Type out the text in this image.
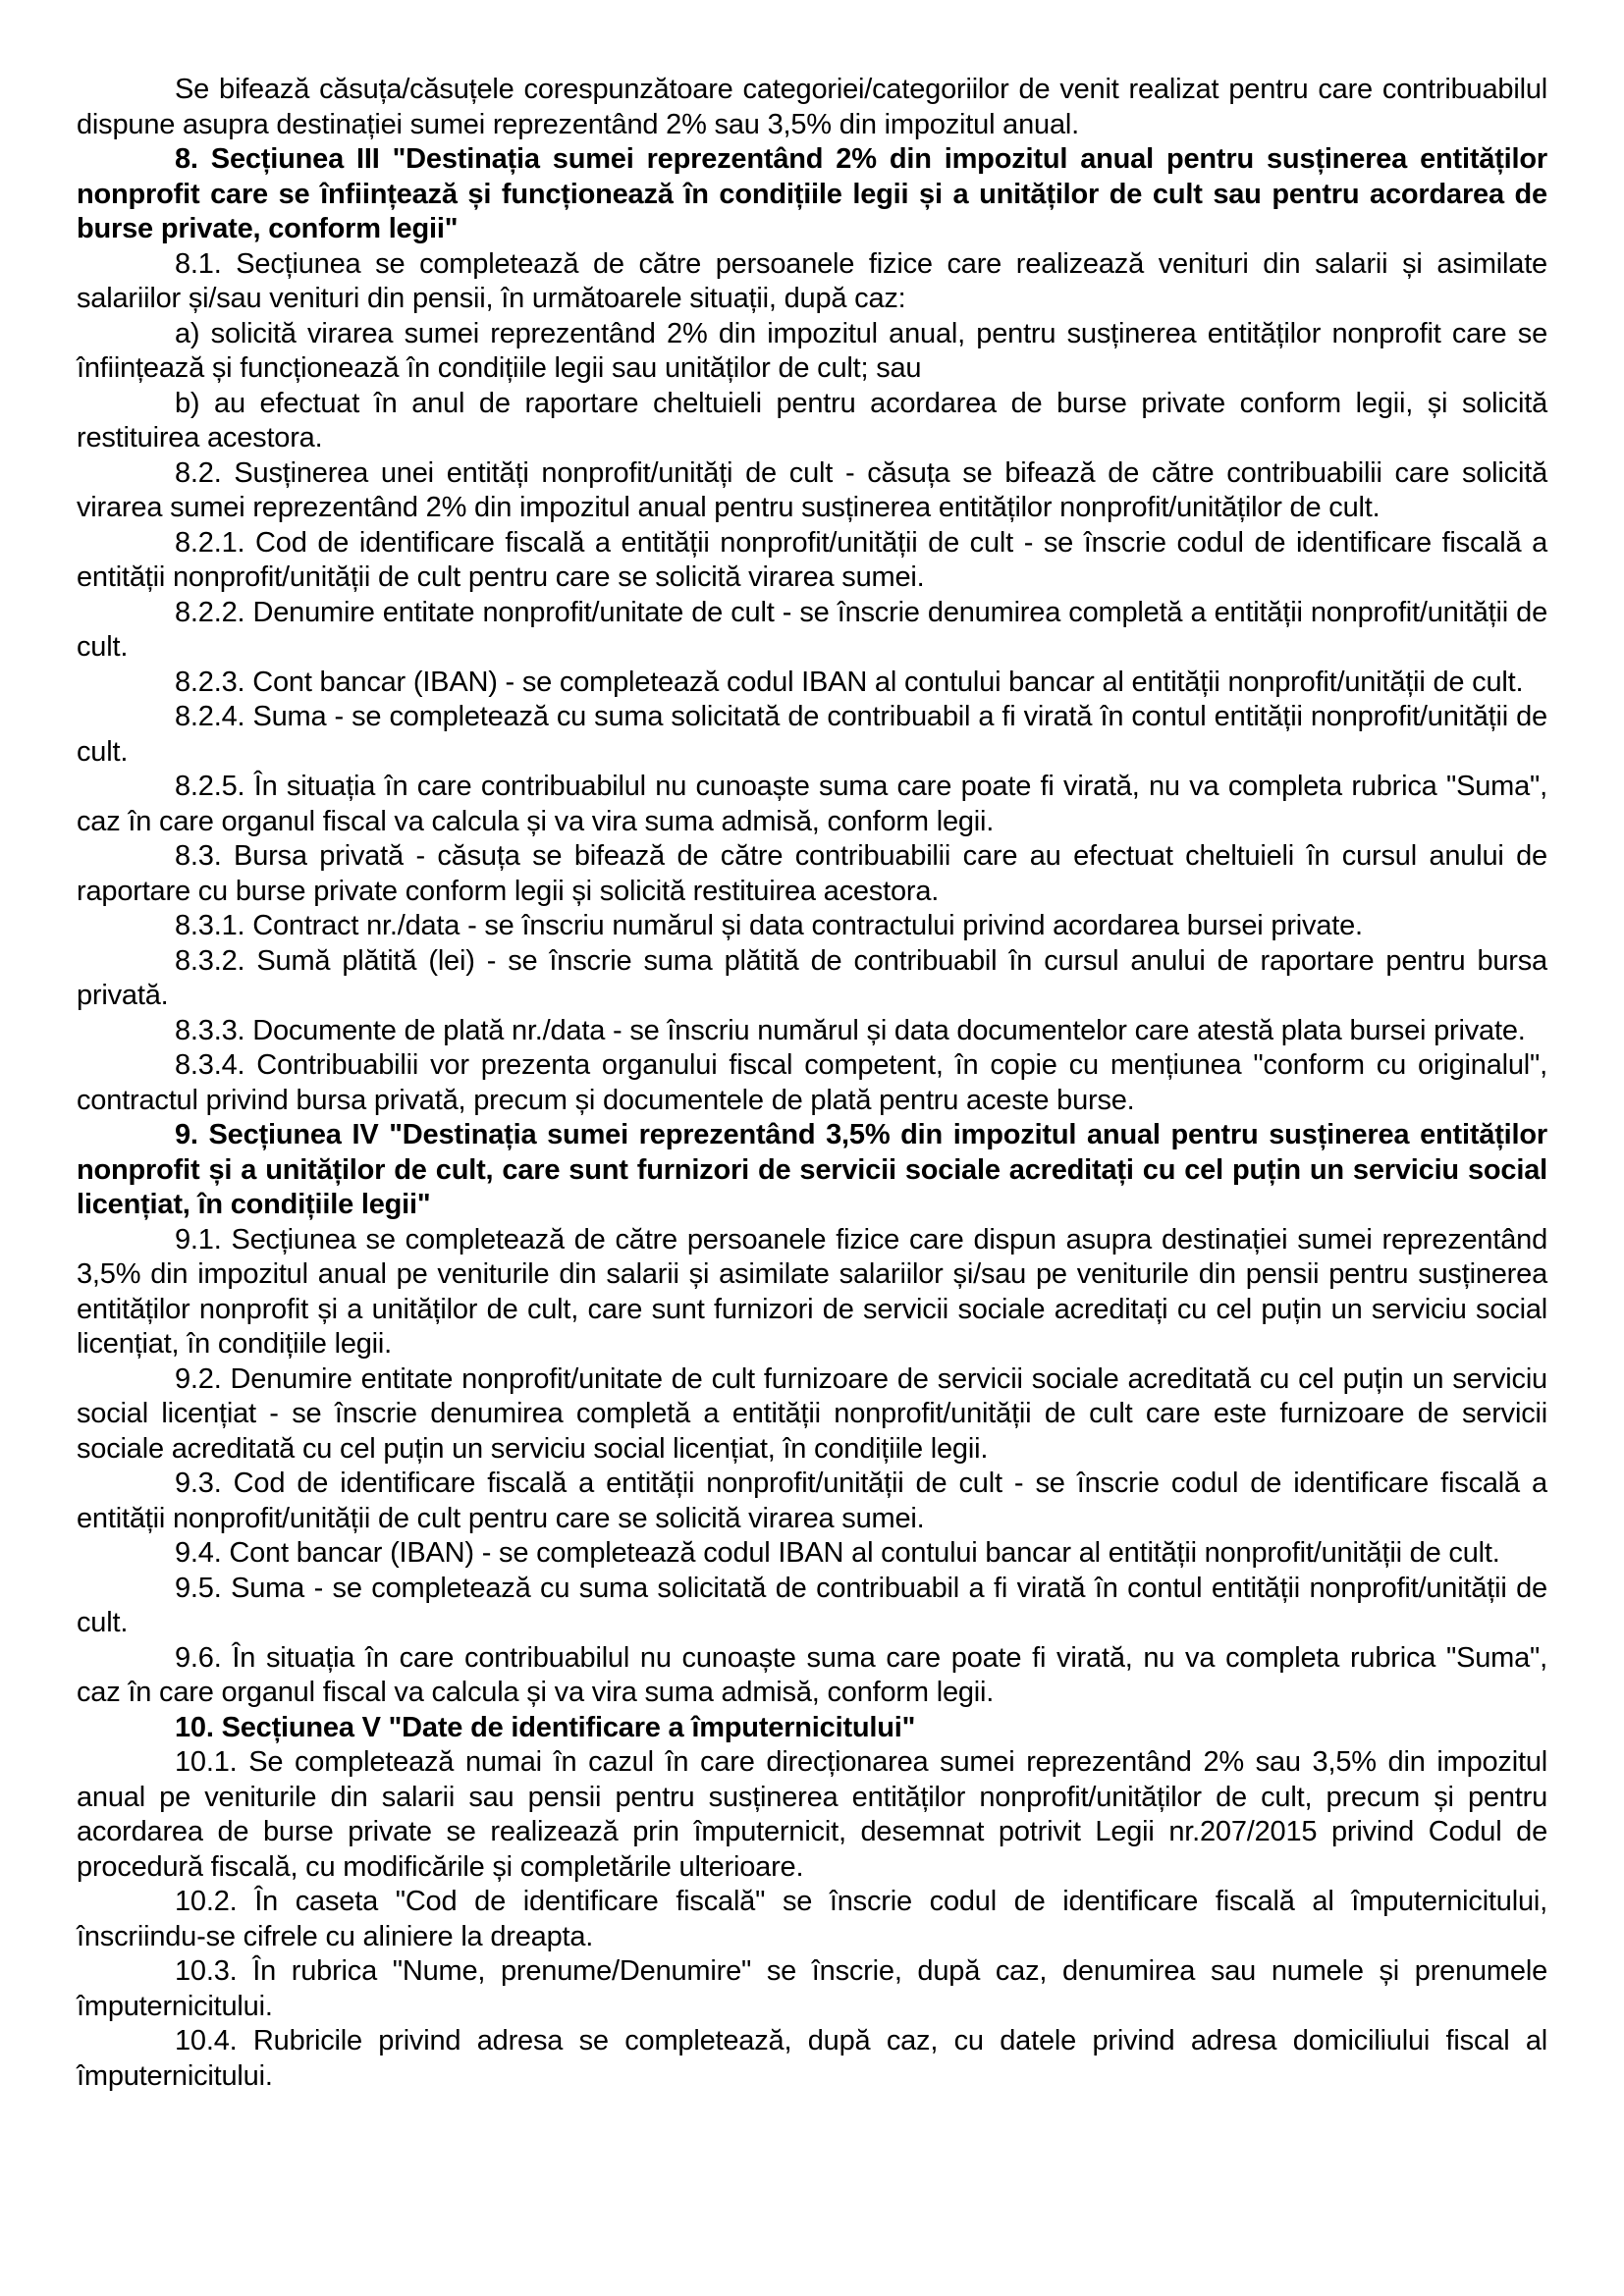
Se bifează căsuța/căsuțele corespunzătoare categoriei/categoriilor de venit realizat pentru care contribuabilul dispune asupra destinației sumei reprezentând 2% sau 3,5% din impozitul anual.

8. Secțiunea III "Destinația sumei reprezentând 2% din impozitul anual pentru susținerea entităților nonprofit care se înființează și funcționează în condițiile legii și a unităților de cult sau pentru acordarea de burse private, conform legii"

8.1. Secțiunea se completează de către persoanele fizice care realizează venituri din salarii și asimilate salariilor și/sau venituri din pensii, în următoarele situații, după caz:

a) solicită virarea sumei reprezentând 2% din impozitul anual, pentru susținerea entităților nonprofit care se înființează și funcționează în condițiile legii sau unităților de cult; sau

b) au efectuat în anul de raportare cheltuieli pentru acordarea de burse private conform legii, și solicită restituirea acestora.

8.2. Susținerea unei entități nonprofit/unități de cult - căsuța se bifează de către contribuabilii care solicită virarea sumei reprezentând 2% din impozitul anual pentru susținerea entităților nonprofit/unităților de cult.

8.2.1. Cod de identificare fiscală a entității nonprofit/unității de cult - se înscrie codul de identificare fiscală a entității nonprofit/unității de cult pentru care se solicită virarea sumei.

8.2.2. Denumire entitate nonprofit/unitate de cult - se înscrie denumirea completă a entității nonprofit/unității de cult.

8.2.3. Cont bancar (IBAN) - se completează codul IBAN al contului bancar al entității nonprofit/unității de cult.

8.2.4. Suma - se completează cu suma solicitată de contribuabil a fi virată în contul entității nonprofit/unității de cult.

8.2.5. În situația în care contribuabilul nu cunoaște suma care poate fi virată, nu va completa rubrica "Suma", caz în care organul fiscal va calcula și va vira suma admisă, conform legii.

8.3. Bursa privată - căsuța se bifează de către contribuabilii care au efectuat cheltuieli în cursul anului de raportare cu burse private conform legii și solicită restituirea acestora.

8.3.1. Contract nr./data - se înscriu numărul și data contractului privind acordarea bursei private.

8.3.2. Sumă plătită (lei) - se înscrie suma plătită de contribuabil în cursul anului de raportare pentru bursa privată.

8.3.3. Documente de plată nr./data - se înscriu numărul și data documentelor care atestă plata bursei private.

8.3.4. Contribuabilii vor prezenta organului fiscal competent, în copie cu mențiunea "conform cu originalul", contractul privind bursa privată, precum și documentele de plată pentru aceste burse.

9. Secțiunea IV "Destinația sumei reprezentând 3,5% din impozitul anual pentru susținerea entităților nonprofit și a unităților de cult, care sunt furnizori de servicii sociale acreditați cu cel puțin un serviciu social licențiat, în condițiile legii"

9.1. Secțiunea se completează de către persoanele fizice care dispun asupra destinației sumei reprezentând 3,5% din impozitul anual pe veniturile din salarii și asimilate salariilor și/sau pe veniturile din pensii pentru susținerea entităților nonprofit și a unităților de cult, care sunt furnizori de servicii sociale acreditați cu cel puțin un serviciu social licențiat, în condițiile legii.

9.2. Denumire entitate nonprofit/unitate de cult furnizoare de servicii sociale acreditată cu cel puțin un serviciu social licențiat - se înscrie denumirea completă a entității nonprofit/unității de cult care este furnizoare de servicii sociale acreditată cu cel puțin un serviciu social licențiat, în condițiile legii.

9.3. Cod de identificare fiscală a entității nonprofit/unității de cult - se înscrie codul de identificare fiscală a entității nonprofit/unității de cult pentru care se solicită virarea sumei.

9.4. Cont bancar (IBAN) - se completează codul IBAN al contului bancar al entității nonprofit/unității de cult.

9.5. Suma - se completează cu suma solicitată de contribuabil a fi virată în contul entității nonprofit/unității de cult.

9.6. În situația în care contribuabilul nu cunoaște suma care poate fi virată, nu va completa rubrica "Suma", caz în care organul fiscal va calcula și va vira suma admisă, conform legii.

10. Secțiunea V "Date de identificare a împuternicitului"

10.1. Se completează numai în cazul în care direcționarea sumei reprezentând 2% sau 3,5% din impozitul anual pe veniturile din salarii sau pensii pentru susținerea entităților nonprofit/unităților de cult, precum și pentru acordarea de burse private se realizează prin împuternicit, desemnat potrivit Legii nr.207/2015 privind Codul de procedură fiscală, cu modificările și completările ulterioare.

10.2. În caseta "Cod de identificare fiscală" se înscrie codul de identificare fiscală al împuternicitului, înscriindu-se cifrele cu aliniere la dreapta.

10.3. În rubrica "Nume, prenume/Denumire" se înscrie, după caz, denumirea sau numele și prenumele împuternicitului.

10.4. Rubricile privind adresa se completează, după caz, cu datele privind adresa domiciliului fiscal al împuternicitului.
